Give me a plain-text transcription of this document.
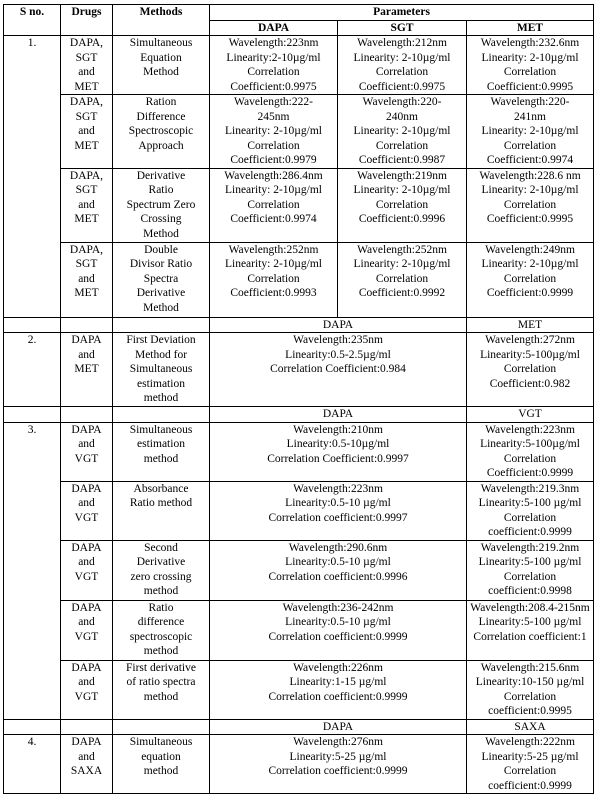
S no.	Drugs	Methods	Parameters		
			DAPA	SGT	MET
1.	DAPA,
SGT
and
MET	Simultaneous
Equation
Method	Wavelength:223nm
Linearity:2-10µg/ml
Correlation
Coefficient:0.9975	Wavelength:212nm
Linearity: 2-10µg/ml
Correlation
Coefficient:0.9975	Wavelength:232.6nm
Linearity: 2-10µg/ml
Correlation
Coefficient:0.9995
	DAPA,
SGT
and
MET	Ration
Difference
Spectroscopic
Approach	Wavelength:222-
245nm
Linearity: 2-10µg/ml
Correlation
Coefficient:0.9979	Wavelength:220-
240nm
Linearity: 2-10µg/ml
Correlation
Coefficient:0.9987	Wavelength:220-
241nm
Linearity: 2-10µg/ml
Correlation
Coefficient:0.9974
	DAPA,
SGT
and
MET	Derivative
Ratio
Spectrum Zero
Crossing
Method	Wavelength:286.4nm
Linearity: 2-10µg/ml
Correlation
Coefficient:0.9974	Wavelength:219nm
Linearity: 2-10µg/ml
Correlation
Coefficient:0.9996	Wavelength:228.6 nm
Linearity: 2-10µg/ml
Correlation
Coefficient:0.9995
	DAPA,
SGT
and
MET	Double
Divisor Ratio
Spectra
Derivative
Method	Wavelength:252nm
Linearity: 2-10µg/ml
Correlation
Coefficient:0.9993	Wavelength:252nm
Linearity: 2-10µg/ml
Correlation
Coefficient:0.9992	Wavelength:249nm
Linearity: 2-10µg/ml
Correlation
Coefficient:0.9999
			DAPA		MET
2.	DAPA
and
MET	First Deviation
Method for
Simultaneous
estimation
method	Wavelength:235nm
Linearity:0.5-2.5µg/ml
Correlation Coefficient:0.984		Wavelength:272nm
Linearity:5-100µg/ml
Correlation Coefficient:0.982
			DAPA		VGT
3.	DAPA
and
VGT	Simultaneous
estimation
method	Wavelength:210nm
Linearity:0.5-10µg/ml
Correlation Coefficient:0.9997		Wavelength:223nm
Linearity:5-100µg/ml
Correlation Coefficient:0.9999
	DAPA
and
VGT	Absorbance
Ratio method	Wavelength:223nm
Linearity:0.5-10 µg/ml
Correlation coefficient:0.9997		Wavelength:219.3nm
Linearity:5-100 µg/ml
Correlation coefficient:0.9999
	DAPA
and
VGT	Second
Derivative
zero crossing
method	Wavelength:290.6nm
Linearity:0.5-10 µg/ml
Correlation coefficient:0.9996		Wavelength:219.2nm
Linearity:5-100 µg/ml
Correlation coefficient:0.9998
	DAPA
and
VGT	Ratio
difference
spectroscopic
method	Wavelength:236-242nm
Linearity:0.5-10 µg/ml
Correlation coefficient:0.9999		Wavelength:208.4-215nm
Linearity:5-100 µg/ml
Correlation coefficient:1
	DAPA
and
VGT	First derivative
of ratio spectra
method	Wavelength:226nm
Linearity:1-15 µg/ml
Correlation coefficient:0.9999		Wavelength:215.6nm
Linearity:10-150 µg/ml
Correlation coefficient:0.9995
			DAPA		SAXA
4.	DAPA
and
SAXA	Simultaneous
equation
method	Wavelength:276nm
Linearity:5-25 µg/ml
Correlation coefficient:0.9999		Wavelength:222nm
Linearity:5-25 µg/ml
Correlation coefficient:0.9999
